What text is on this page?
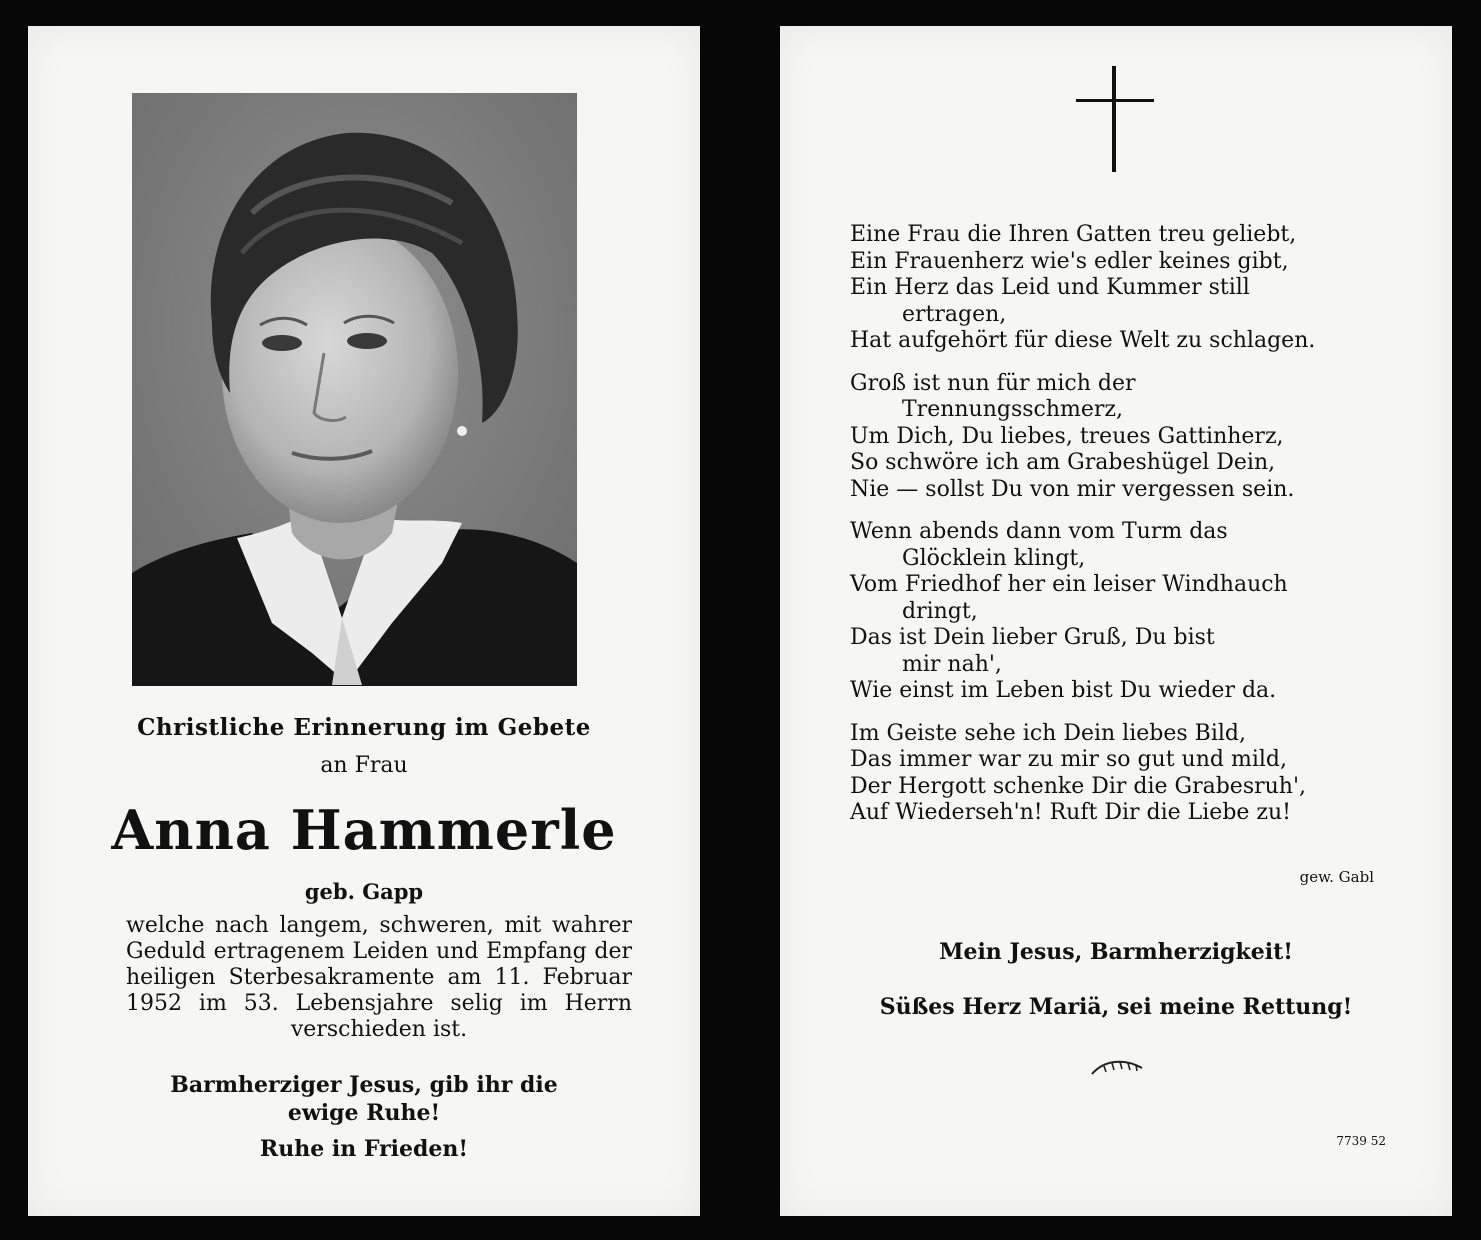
Christliche Erinnerung im Gebete
an Frau
Anna Hammerle
geb. Gapp
welche nach langem, schweren, mit wahrer Geduld ertragenem Leiden und Empfang der heiligen Sterbesakramente am 11. Februar 1952 im 53. Lebensjahre selig im Herrn verschieden ist.
Barmherziger Jesus, gib ihr die ewige Ruhe!
Ruhe in Frieden!
Eine Frau die Ihren Gatten treu geliebt,
Ein Frauenherz wie's edler keines gibt,
Ein Herz das Leid und Kummer still
ertragen,
Hat aufgehört für diese Welt zu schlagen.
Groß ist nun für mich der
Trennungsschmerz,
Um Dich, Du liebes, treues Gattinherz,
So schwöre ich am Grabeshügel Dein,
Nie — sollst Du von mir vergessen sein.
Wenn abends dann vom Turm das
Glöcklein klingt,
Vom Friedhof her ein leiser Windhauch
dringt,
Das ist Dein lieber Gruß, Du bist
mir nah',
Wie einst im Leben bist Du wieder da.
Im Geiste sehe ich Dein liebes Bild,
Das immer war zu mir so gut und mild,
Der Hergott schenke Dir die Grabesruh',
Auf Wiederseh'n! Ruft Dir die Liebe zu!
gew. Gabl
Mein Jesus, Barmherzigkeit!
Süßes Herz Mariä, sei meine Rettung!
7739 52
